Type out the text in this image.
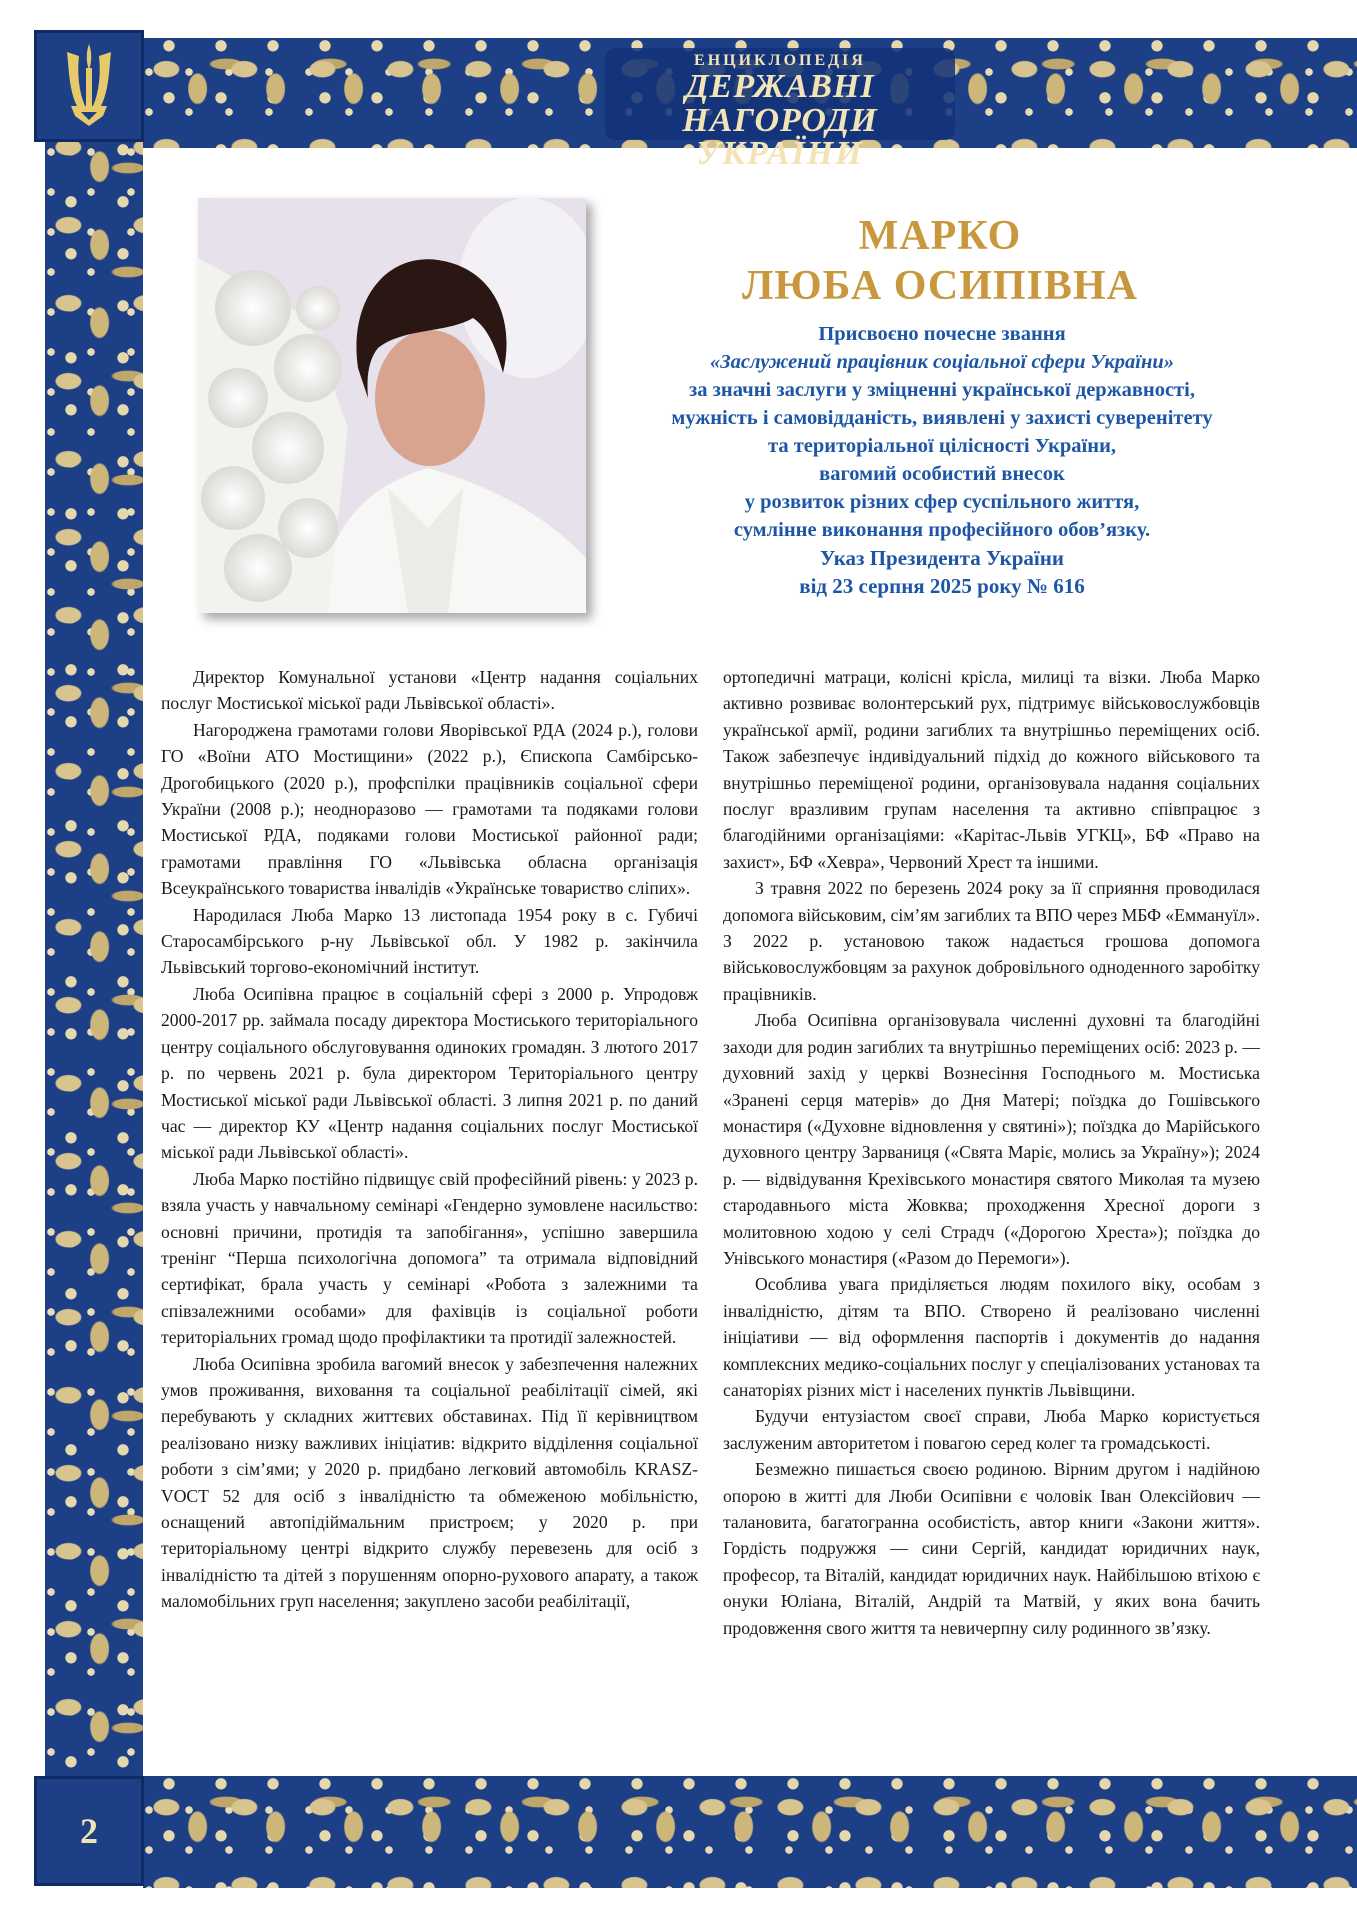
ЕНЦИКЛОПЕДІЯ
ДЕРЖАВНІ НАГОРОДИ
УКРАЇНИ
2
МАРКО
ЛЮБА ОСИПІВНА
Присвоєно почесне звання
«Заслужений працівник соціальної сфери України»
за значні заслуги у зміцненні української державності,
мужність і самовідданість, виявлені у захисті суверенітету
та територіальної цілісності України,
вагомий особистий внесок
у розвиток різних сфер суспільного життя,
сумлінне виконання професійного обов’язку.
Указ Президента України
від 23 серпня 2025 року № 616

Директор Комунальної установи «Центр надання соціальних послуг Мостиської міської ради Львівської області».

Нагороджена грамотами голови Яворівської РДА (2024 р.), голови ГО «Воїни АТО Мостищини» (2022 р.), Єпископа Самбірсько-Дрогобицького (2020 р.), профспілки працівників соціальної сфери України (2008 р.); неодноразово — грамотами та подяками голови Мостиської РДА, подяками голови Мостиської районної ради; грамотами правління ГО «Львівська обласна організація Всеукраїнського товариства інвалідів «Українське товариство сліпих».

Народилася Люба Марко 13 листопада 1954 року в с. Губичі Старосамбірського р-ну Львівської обл. У 1982 р. закінчила Львівський торгово-економічний інститут.

Люба Осипівна працює в соціальній сфері з 2000 р. Упродовж 2000-2017 рр. займала посаду директора Мостиського територіального центру соціального обслуговування одиноких громадян. З лютого 2017 р. по червень 2021 р. була директором Територіального центру Мостиської міської ради Львівської області. З липня 2021 р. по даний час — директор КУ «Центр надання соціальних послуг Мостиської міської ради Львівської області».

Люба Марко постійно підвищує свій професійний рівень: у 2023 р. взяла участь у навчальному семінарі «Гендерно зумовлене насильство: основні причини, протидія та запобігання», успішно завершила тренінг “Перша психологічна допомога” та отримала відповідний сертифікат, брала участь у семінарі «Робота з залежними та співзалежними особами» для фахівців із соціальної роботи територіальних громад щодо профілактики та протидії залежностей.

Люба Осипівна зробила вагомий внесок у забезпечення належних умов проживання, виховання та соціальної реабілітації сімей, які перебувають у складних життєвих обставинах. Під її керівництвом реалізовано низку важливих ініціатив: відкрито відділення соціальної роботи з сім’ями; у 2020 р. придбано легковий автомобіль KRASZ-VOCT 52 для осіб з інвалідністю та обмеженою мобільністю, оснащений автопідіймальним пристроєм; у 2020 р. при територіальному центрі відкрито службу перевезень для осіб з інвалідністю та дітей з порушенням опорно-рухового апарату, а також маломобільних груп населення; закуплено засоби реабілітації,

ортопедичні матраци, колісні крісла, милиці та візки. Люба Марко активно розвиває волонтерський рух, підтримує військовослужбовців української армії, родини загиблих та внутрішньо переміщених осіб. Також забезпечує індивідуальний підхід до кожного військового та внутрішньо переміщеної родини, організовувала надання соціальних послуг вразливим групам населення та активно співпрацює з благодійними організаціями: «Карітас-Львів УГКЦ», БФ «Право на захист», БФ «Хевра», Червоний Хрест та іншими.

З травня 2022 по березень 2024 року за її сприяння проводилася допомога військовим, сім’ям загиблих та ВПО через МБФ «Еммануїл». З 2022 р. установою також надається грошова допомога військовослужбовцям за рахунок добровільного одноденного заробітку працівників.

Люба Осипівна організовувала численні духовні та благодійні заходи для родин загиблих та внутрішньо переміщених осіб: 2023 р. — духовний захід у церкві Вознесіння Господнього м. Мостиська «Зранені серця матерів» до Дня Матері; поїздка до Гошівського монастиря («Духовне відновлення у святині»); поїздка до Марійського духовного центру Зарваниця («Свята Маріє, молись за Україну»); 2024 р. — відвідування Крехівського монастиря святого Миколая та музею стародавнього міста Жовква; проходження Хресної дороги з молитовною ходою у селі Страдч («Дорогою Хреста»); поїздка до Унівського монастиря («Разом до Перемоги»).

Особлива увага приділяється людям похилого віку, особам з інвалідністю, дітям та ВПО. Створено й реалізовано численні ініціативи — від оформлення паспортів і документів до надання комплексних медико-соціальних послуг у спеціалізованих установах та санаторіях різних міст і населених пунктів Львівщини.

Будучи ентузіастом своєї справи, Люба Марко користується заслуженим авторитетом і повагою серед колег та громадськості.

Безмежно пишається своєю родиною. Вірним другом і надійною опорою в житті для Люби Осипівни є чоловік Іван Олексійович — талановита, багатогранна особистість, автор книги «Закони життя». Гордість подружжя — сини Сергій, кандидат юридичних наук, професор, та Віталій, кандидат юридичних наук. Найбільшою втіхою є онуки Юліана, Віталій, Андрій та Матвій, у яких вона бачить продовження свого життя та невичерпну силу родинного зв’язку.
